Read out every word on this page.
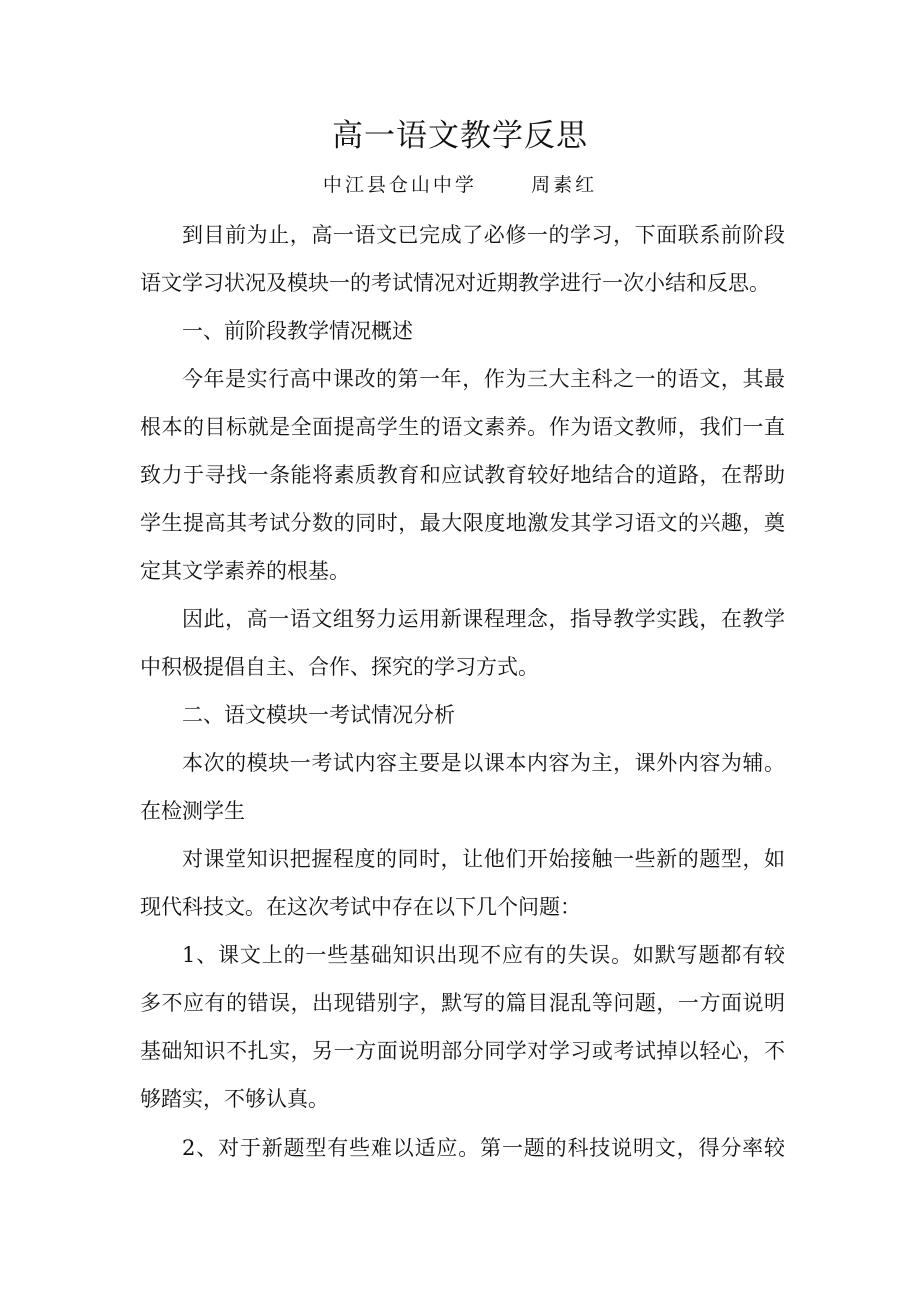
高一语文教学反思
中江县仓山中学      周素红
到目前为止，高一语文已完成了必修一的学习，下面联系前阶段
语文学习状况及模块一的考试情况对近期教学进行一次小结和反思。
一、前阶段教学情况概述
今年是实行高中课改的第一年，作为三大主科之一的语文，其最
根本的目标就是全面提高学生的语文素养。作为语文教师，我们一直
致力于寻找一条能将素质教育和应试教育较好地结合的道路，在帮助
学生提高其考试分数的同时，最大限度地激发其学习语文的兴趣，奠
定其文学素养的根基。
因此，高一语文组努力运用新课程理念，指导教学实践，在教学
中积极提倡自主、合作、探究的学习方式。
二、语文模块一考试情况分析
本次的模块一考试内容主要是以课本内容为主，课外内容为辅。
在检测学生
对课堂知识把握程度的同时，让他们开始接触一些新的题型，如
现代科技文。在这次考试中存在以下几个问题：
1、课文上的一些基础知识出现不应有的失误。如默写题都有较
多不应有的错误，出现错别字，默写的篇目混乱等问题，一方面说明
基础知识不扎实，另一方面说明部分同学对学习或考试掉以轻心，不
够踏实，不够认真。
2、对于新题型有些难以适应。第一题的科技说明文，得分率较
